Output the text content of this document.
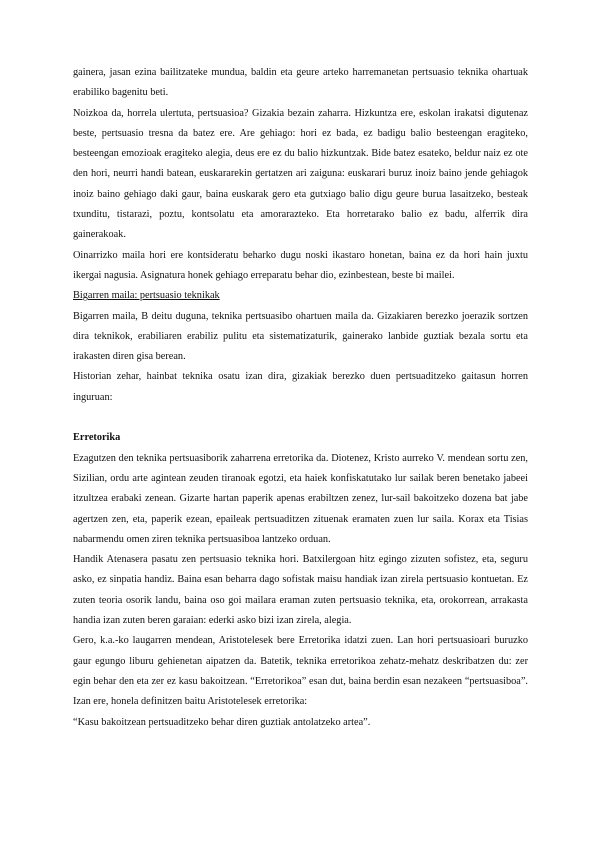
gainera, jasan ezina bailitzateke mundua, baldin eta geure arteko harremanetan pertsuasio teknika ohartuak erabiliko bagenitu beti.

Noizkoa da, horrela ulertuta, pertsuasioa? Gizakia bezain zaharra. Hizkuntza ere, eskolan irakatsi digutenaz beste, pertsuasio tresna da batez ere. Are gehiago: hori ez bada, ez badigu balio besteengan eragiteko, besteengan emozioak eragiteko alegia, deus ere ez du balio hizkuntzak. Bide batez esateko, beldur naiz ez ote den hori, neurri handi batean, euskararekin gertatzen ari zaiguna: euskarari buruz inoiz baino jende gehiagok inoiz baino gehiago daki gaur, baina euskarak gero eta gutxiago balio digu geure burua lasaitzeko, besteak txunditu, tistarazi, poztu, kontsolatu eta amorarazteko. Eta horretarako balio ez badu, alferrik dira gainerakoak.

Oinarrizko maila hori ere kontsideratu beharko dugu noski ikastaro honetan, baina ez da hori hain juxtu ikergai nagusia. Asignatura honek gehiago erreparatu behar dio, ezinbestean, beste bi mailei.

Bigarren maila: pertsuasio teknikak

Bigarren maila, B deitu duguna, teknika pertsuasibo ohartuen maila da. Gizakiaren berezko joerazik sortzen dira teknikok, erabiliaren erabiliz pulitu eta sistematizaturik, gainerako lanbide guztiak bezala sortu eta irakasten diren gisa berean.

Historian zehar, hainbat teknika osatu izan dira, gizakiak berezko duen pertsuaditzeko gaitasun horren inguruan:

Erretorika

Ezagutzen den teknika pertsuasiborik zaharrena erretorika da. Diotenez, Kristo aurreko V. mendean sortu zen, Sizilian, ordu arte agintean zeuden tiranoak egotzi, eta haiek konfiskatutako lur sailak beren benetako jabeei itzultzea erabaki zenean. Gizarte hartan paperik apenas erabiltzen zenez, lur-sail bakoitzeko dozena bat jabe agertzen zen, eta, paperik ezean, epaileak pertsuaditzen zituenak eramaten zuen lur saila. Korax eta Tisias nabarmendu omen ziren teknika pertsuasiboa lantzeko orduan.

Handik Atenasera pasatu zen pertsuasio teknika hori. Batxilergoan hitz egingo zizuten sofistez, eta, seguru asko, ez sinpatia handiz. Baina esan beharra dago sofistak maisu handiak izan zirela pertsuasio kontuetan. Ez zuten teoria osorik landu, baina oso goi mailara eraman zuten pertsuasio teknika, eta, orokorrean, arrakasta handia izan zuten beren garaian: ederki asko bizi izan zirela, alegia.

Gero, k.a.-ko laugarren mendean, Aristotelesek bere Erretorika idatzi zuen. Lan hori pertsuasioari buruzko gaur egungo liburu gehienetan aipatzen da. Batetik, teknika erretorikoa zehatz-mehatz deskribatzen du: zer egin behar den eta zer ez kasu bakoitzean. “Erretorikoa” esan dut, baina berdin esan nezakeen “pertsuasiboa”. Izan ere, honela definitzen baitu Aristotelesek erretorika:

“Kasu bakoitzean pertsuaditzeko behar diren guztiak antolatzeko artea”.
